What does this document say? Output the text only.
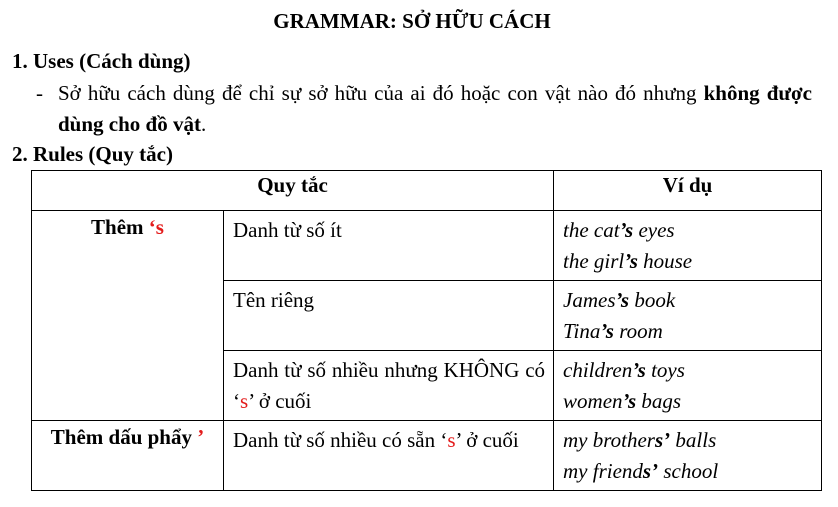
GRAMMAR: SỞ HỮU CÁCH
1. Uses (Cách dùng)
- Sở hữu cách dùng để chỉ sự sở hữu của ai đó hoặc con vật nào đó nhưng không được dùng cho đồ vật.
2. Rules (Quy tắc)
Quy tắc		Ví dụ
Thêm ‘s	Danh từ số ít	the cat’s eyes
the girl’s house

	Tên riêng	James’s book
Tina’s room

	Danh từ số nhiều nhưng KHÔNG có ‘s’ ở cuối	children’s toys
women’s bags

Thêm dấu phẩy ’	Danh từ số nhiều có sẵn ‘s’ ở cuối	my brothers’ balls
my friends’ school
